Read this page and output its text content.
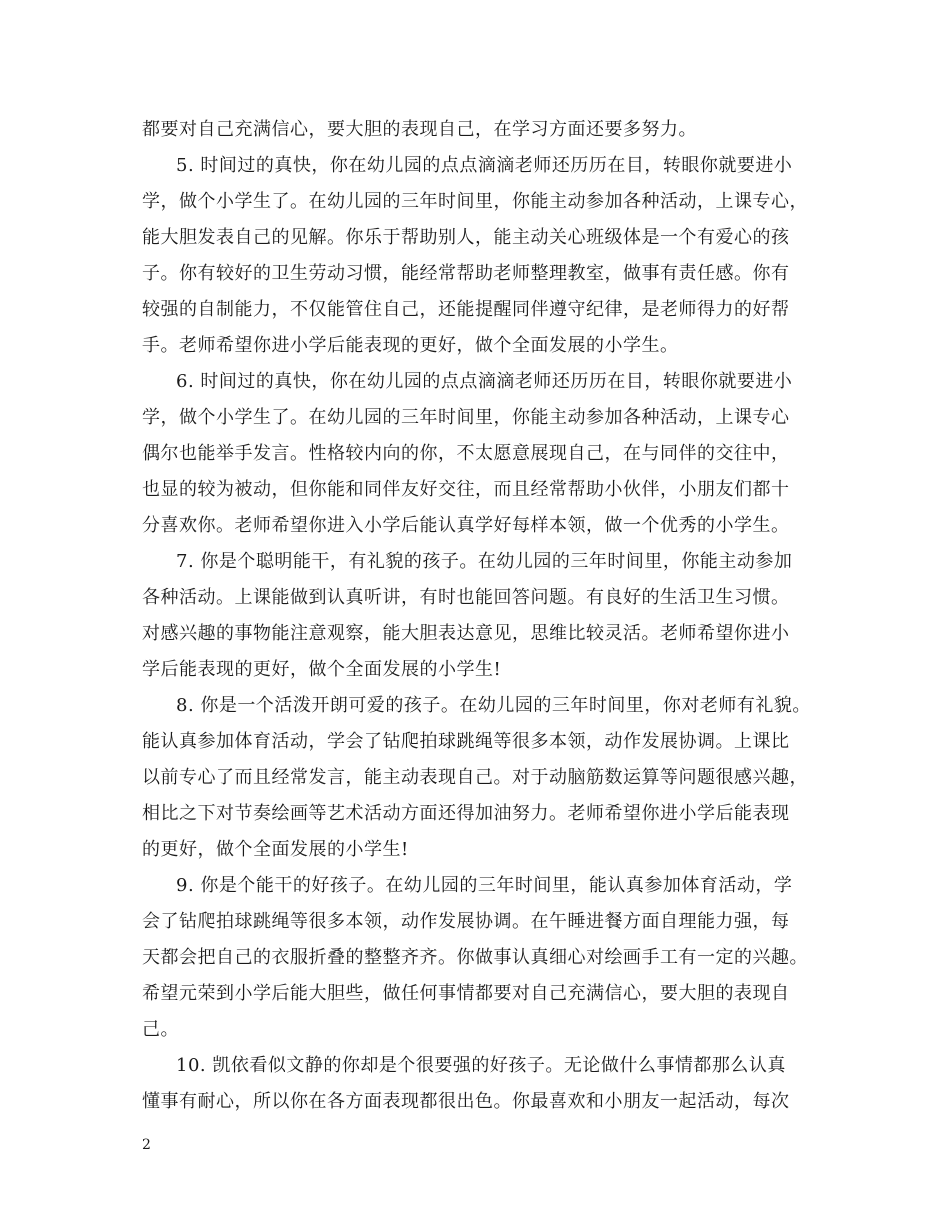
都要对自己充满信心，要大胆的表现自己，在学习方面还要多努力。
5. 时间过的真快，你在幼儿园的点点滴滴老师还历历在目，转眼你就要进小
学，做个小学生了。在幼儿园的三年时间里，你能主动参加各种活动，上课专心，
能大胆发表自己的见解。你乐于帮助别人，能主动关心班级体是一个有爱心的孩
子。你有较好的卫生劳动习惯，能经常帮助老师整理教室，做事有责任感。你有
较强的自制能力，不仅能管住自己，还能提醒同伴遵守纪律，是老师得力的好帮
手。老师希望你进小学后能表现的更好，做个全面发展的小学生。
6. 时间过的真快，你在幼儿园的点点滴滴老师还历历在目，转眼你就要进小
学，做个小学生了。在幼儿园的三年时间里，你能主动参加各种活动，上课专心
偶尔也能举手发言。性格较内向的你，不太愿意展现自己，在与同伴的交往中，
也显的较为被动，但你能和同伴友好交往，而且经常帮助小伙伴，小朋友们都十
分喜欢你。老师希望你进入小学后能认真学好每样本领，做一个优秀的小学生。
7. 你是个聪明能干，有礼貌的孩子。在幼儿园的三年时间里，你能主动参加
各种活动。上课能做到认真听讲，有时也能回答问题。有良好的生活卫生习惯。
对感兴趣的事物能注意观察，能大胆表达意见，思维比较灵活。老师希望你进小
学后能表现的更好，做个全面发展的小学生!
8. 你是一个活泼开朗可爱的孩子。在幼儿园的三年时间里，你对老师有礼貌。
能认真参加体育活动，学会了钻爬拍球跳绳等很多本领，动作发展协调。上课比
以前专心了而且经常发言，能主动表现自己。对于动脑筋数运算等问题很感兴趣，
相比之下对节奏绘画等艺术活动方面还得加油努力。老师希望你进小学后能表现
的更好，做个全面发展的小学生!
9. 你是个能干的好孩子。在幼儿园的三年时间里，能认真参加体育活动，学
会了钻爬拍球跳绳等很多本领，动作发展协调。在午睡进餐方面自理能力强，每
天都会把自己的衣服折叠的整整齐齐。你做事认真细心对绘画手工有一定的兴趣。
希望元荣到小学后能大胆些，做任何事情都要对自己充满信心，要大胆的表现自
己。
10. 凯依看似文静的你却是个很要强的好孩子。无论做什么事情都那么认真
懂事有耐心，所以你在各方面表现都很出色。你最喜欢和小朋友一起活动，每次
2
